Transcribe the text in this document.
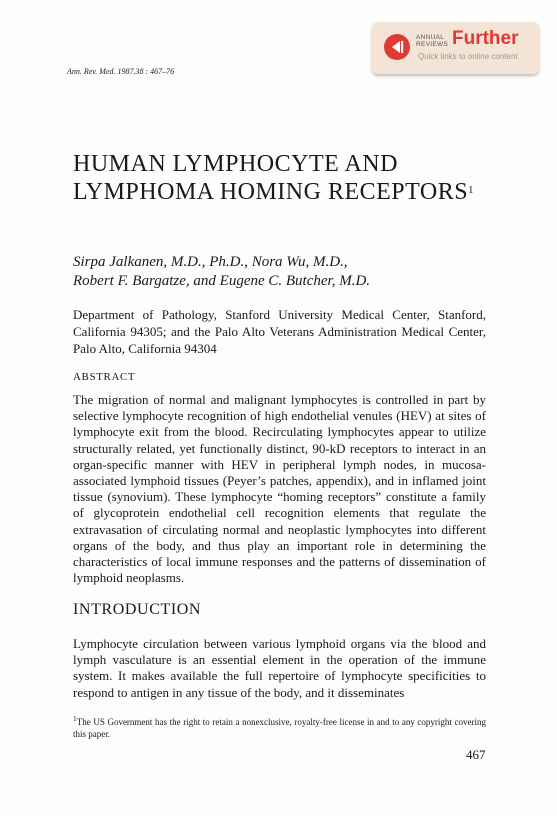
ANNUAL REVIEWS Further
Quick links to online content
Ann. Rev. Med. 1987.38 : 467–76
HUMAN LYMPHOCYTE AND LYMPHOMA HOMING RECEPTORS$^1$
Sirpa Jalkanen, M.D., Ph.D., Nora Wu, M.D.,
Robert F. Bargatze, and Eugene C. Butcher, M.D.
Department of Pathology, Stanford University Medical Center, Stanford, California 94305; and the Palo Alto Veterans Administration Medical Center, Palo Alto, California 94304
ABSTRACT
The migration of normal and malignant lymphocytes is controlled in part by selective lymphocyte recognition of high endothelial venules (HEV) at sites of lymphocyte exit from the blood. Recirculating lymphocytes appear to utilize structurally related, yet functionally distinct, 90-kD receptors to interact in an organ-specific manner with HEV in peripheral lymph nodes, in mucosa-associated lymphoid tissues (Peyer’s patches, appendix), and in inflamed joint tissue (synovium). These lymphocyte “homing receptors” constitute a family of glycoprotein endothelial cell recognition elements that regulate the extravasation of circulating normal and neoplastic lymphocytes into different organs of the body, and thus play an important role in determining the characteristics of local immune responses and the patterns of dissemination of lymphoid neoplasms.
INTRODUCTION
Lymphocyte circulation between various lymphoid organs via the blood and lymph vasculature is an essential element in the operation of the immune system. It makes available the full repertoire of lymphocyte specificities to respond to antigen in any tissue of the body, and it disseminates
$^1$The US Government has the right to retain a nonexclusive, royalty-free license in and to any copyright covering this paper.
467
